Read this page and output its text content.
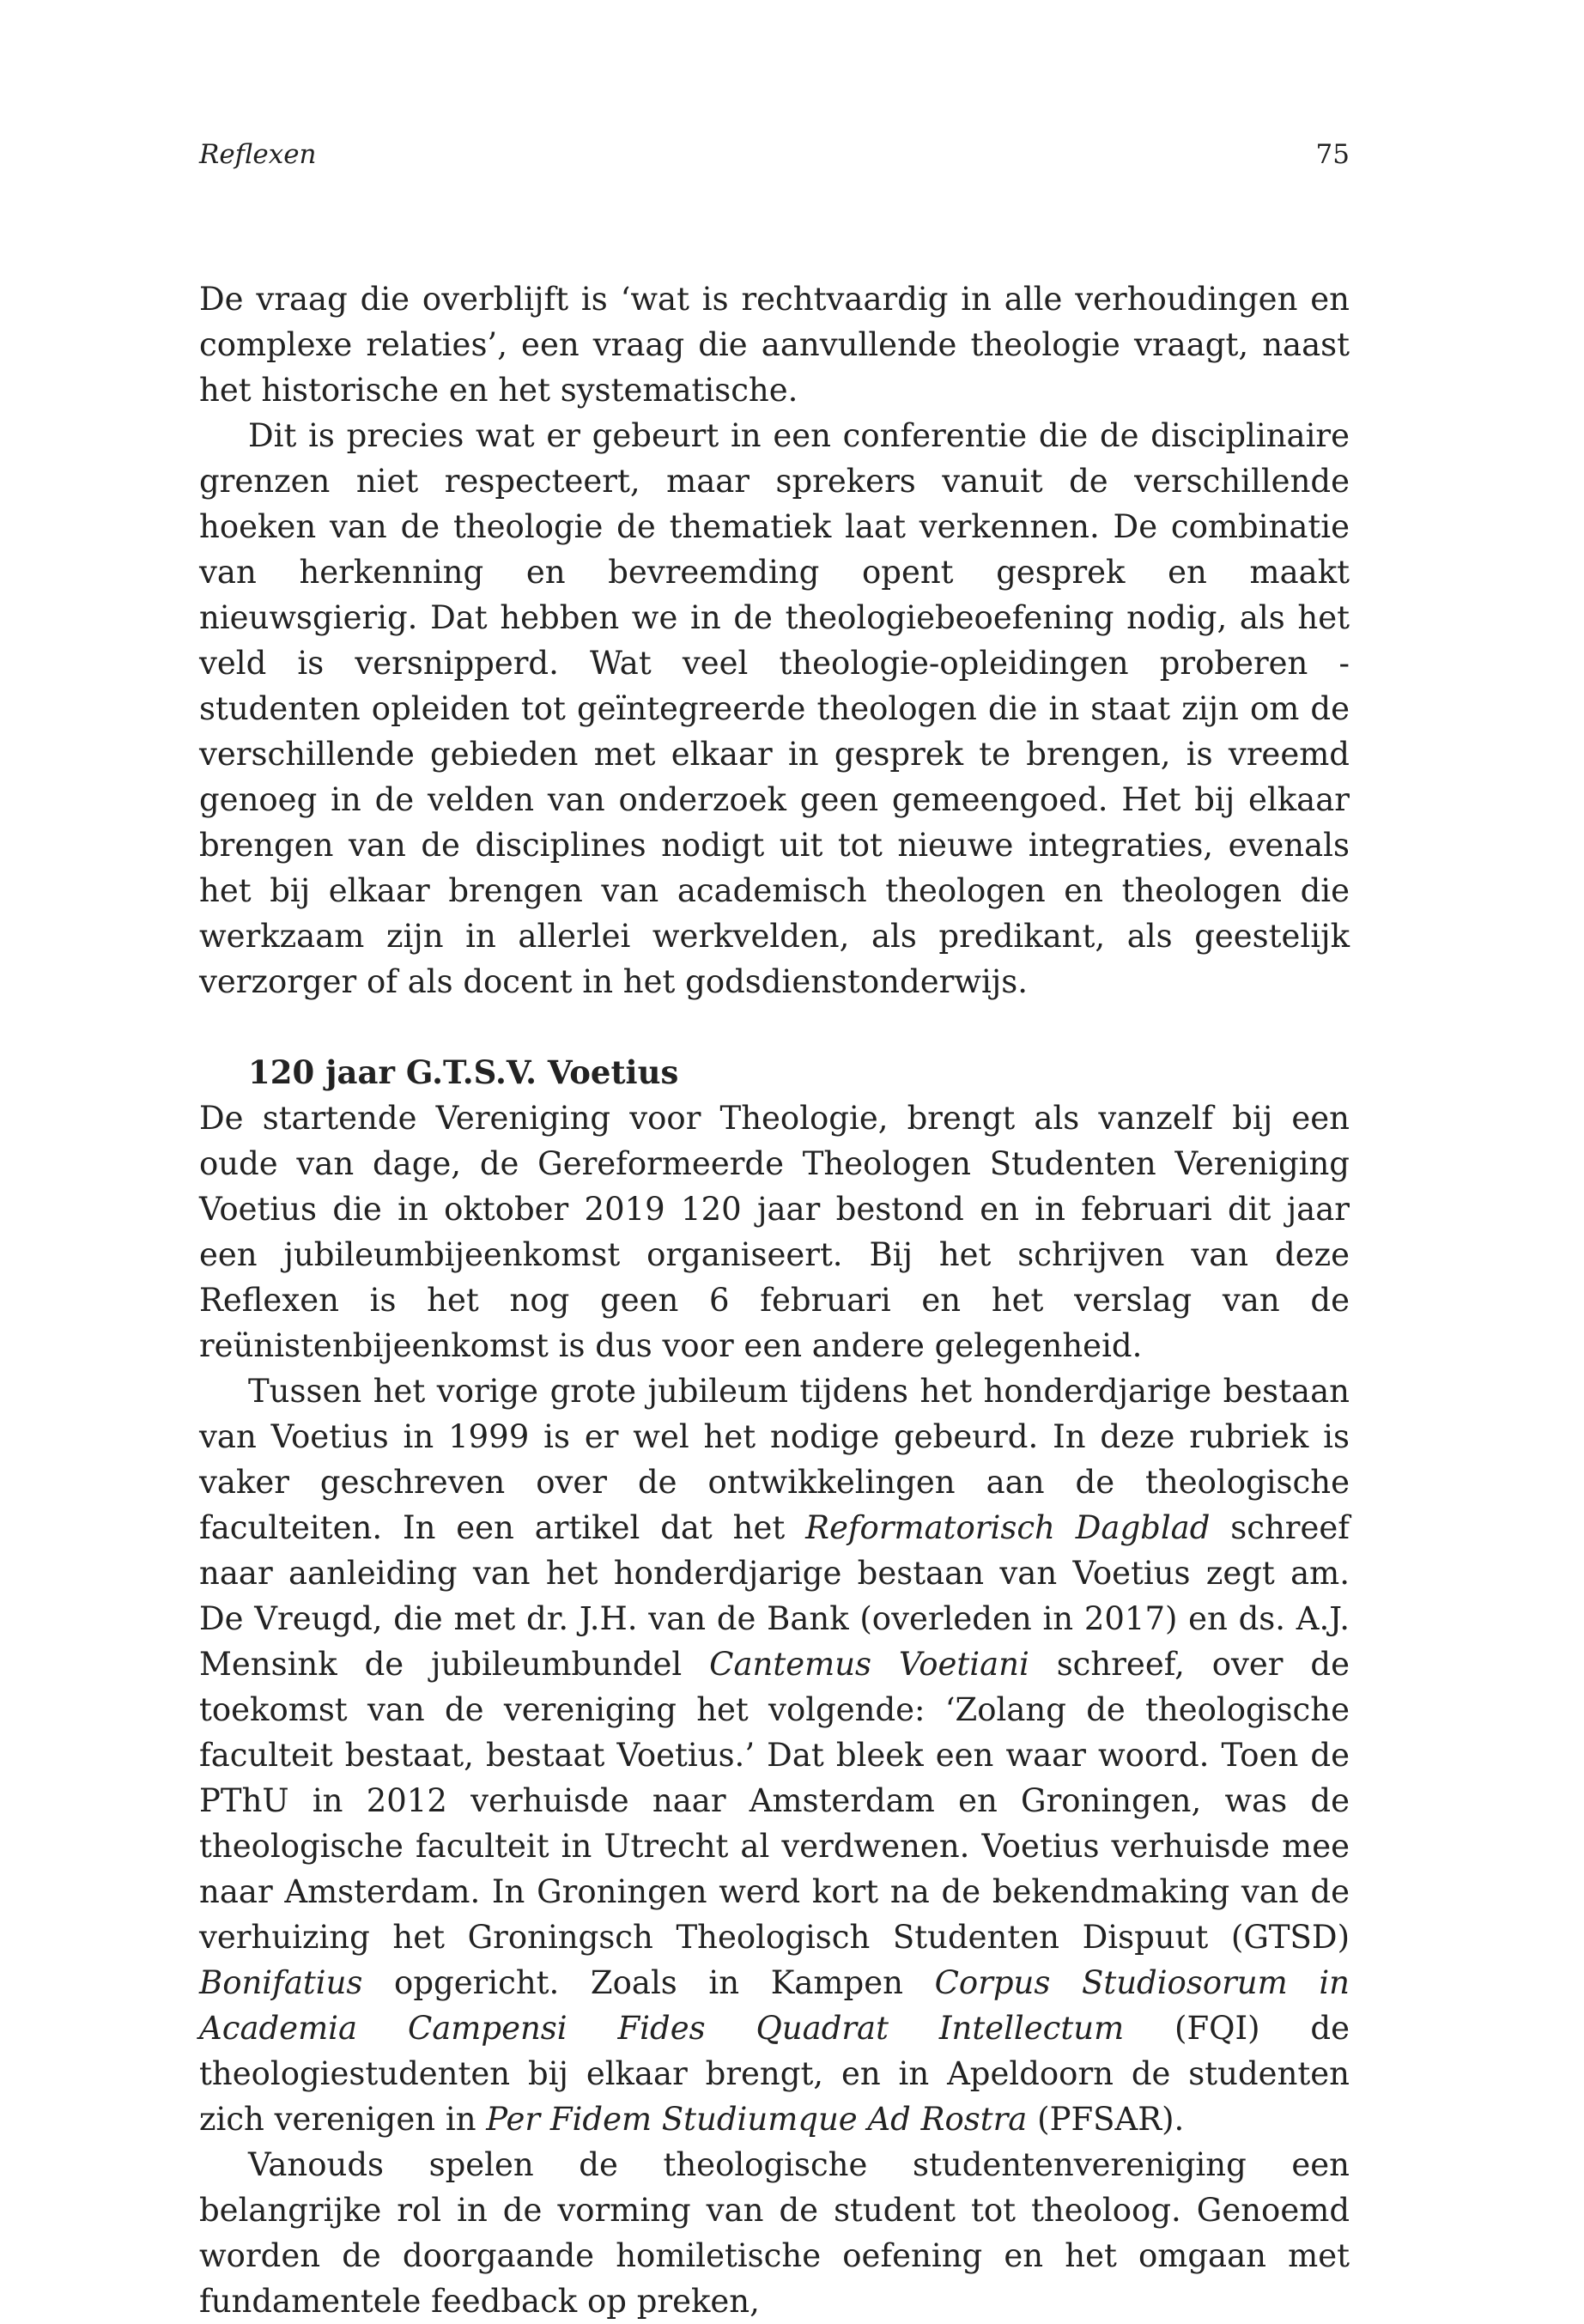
Reflexen	75

De vraag die overblijft is ‘wat is rechtvaardig in alle verhoudingen en complexe relaties’, een vraag die aanvullende theologie vraagt, naast het historische en het systematische.

Dit is precies wat er gebeurt in een conferentie die de disciplinaire grenzen niet respecteert, maar sprekers vanuit de verschillende hoeken van de theologie de thematiek laat verkennen. De combinatie van herkenning en bevreemding opent gesprek en maakt nieuwsgierig. Dat hebben we in de theologiebeoefening nodig, als het veld is versnipperd. Wat veel theologie-opleidingen proberen - studenten opleiden tot geïntegreerde theologen die in staat zijn om de verschillende gebieden met elkaar in gesprek te brengen, is vreemd genoeg in de velden van onderzoek geen gemeengoed. Het bij elkaar brengen van de disciplines nodigt uit tot nieuwe integraties, evenals het bij elkaar brengen van academisch theologen en theologen die werkzaam zijn in allerlei werkvelden, als predikant, als geestelijk verzorger of als docent in het godsdienstonderwijs.

120 jaar G.T.S.V. Voetius

De startende Vereniging voor Theologie, brengt als vanzelf bij een oude van dage, de Gereformeerde Theologen Studenten Vereniging Voetius die in oktober 2019 120 jaar bestond en in februari dit jaar een jubileumbijeenkomst organiseert. Bij het schrijven van deze Reflexen is het nog geen 6 februari en het verslag van de reünistenbijeenkomst is dus voor een andere gelegenheid.

Tussen het vorige grote jubileum tijdens het honderdjarige bestaan van Voetius in 1999 is er wel het nodige gebeurd. In deze rubriek is vaker geschreven over de ontwikkelingen aan de theologische faculteiten. In een artikel dat het Reformatorisch Dagblad schreef naar aanleiding van het honderdjarige bestaan van Voetius zegt am. De Vreugd, die met dr. J.H. van de Bank (overleden in 2017) en ds. A.J. Mensink de jubileumbundel Cantemus Voetiani schreef, over de toekomst van de vereniging het volgende: ‘Zolang de theologische faculteit bestaat, bestaat Voetius.’ Dat bleek een waar woord. Toen de PThU in 2012 verhuisde naar Amsterdam en Groningen, was de theologische faculteit in Utrecht al verdwenen. Voetius verhuisde mee naar Amsterdam. In Groningen werd kort na de bekendmaking van de verhuizing het Groningsch Theologisch Studenten Dispuut (GTSD) Bonifatius opgericht. Zoals in Kampen Corpus Studiosorum in Academia Campensi Fides Quadrat Intellectum (FQI) de theologiestudenten bij elkaar brengt, en in Apeldoorn de studenten zich verenigen in Per Fidem Studiumque Ad Rostra (PFSAR).

Vanouds spelen de theologische studentenvereniging een belangrijke rol in de vorming van de student tot theoloog. Genoemd worden de doorgaande homiletische oefening en het omgaan met fundamentele feedback op preken,
